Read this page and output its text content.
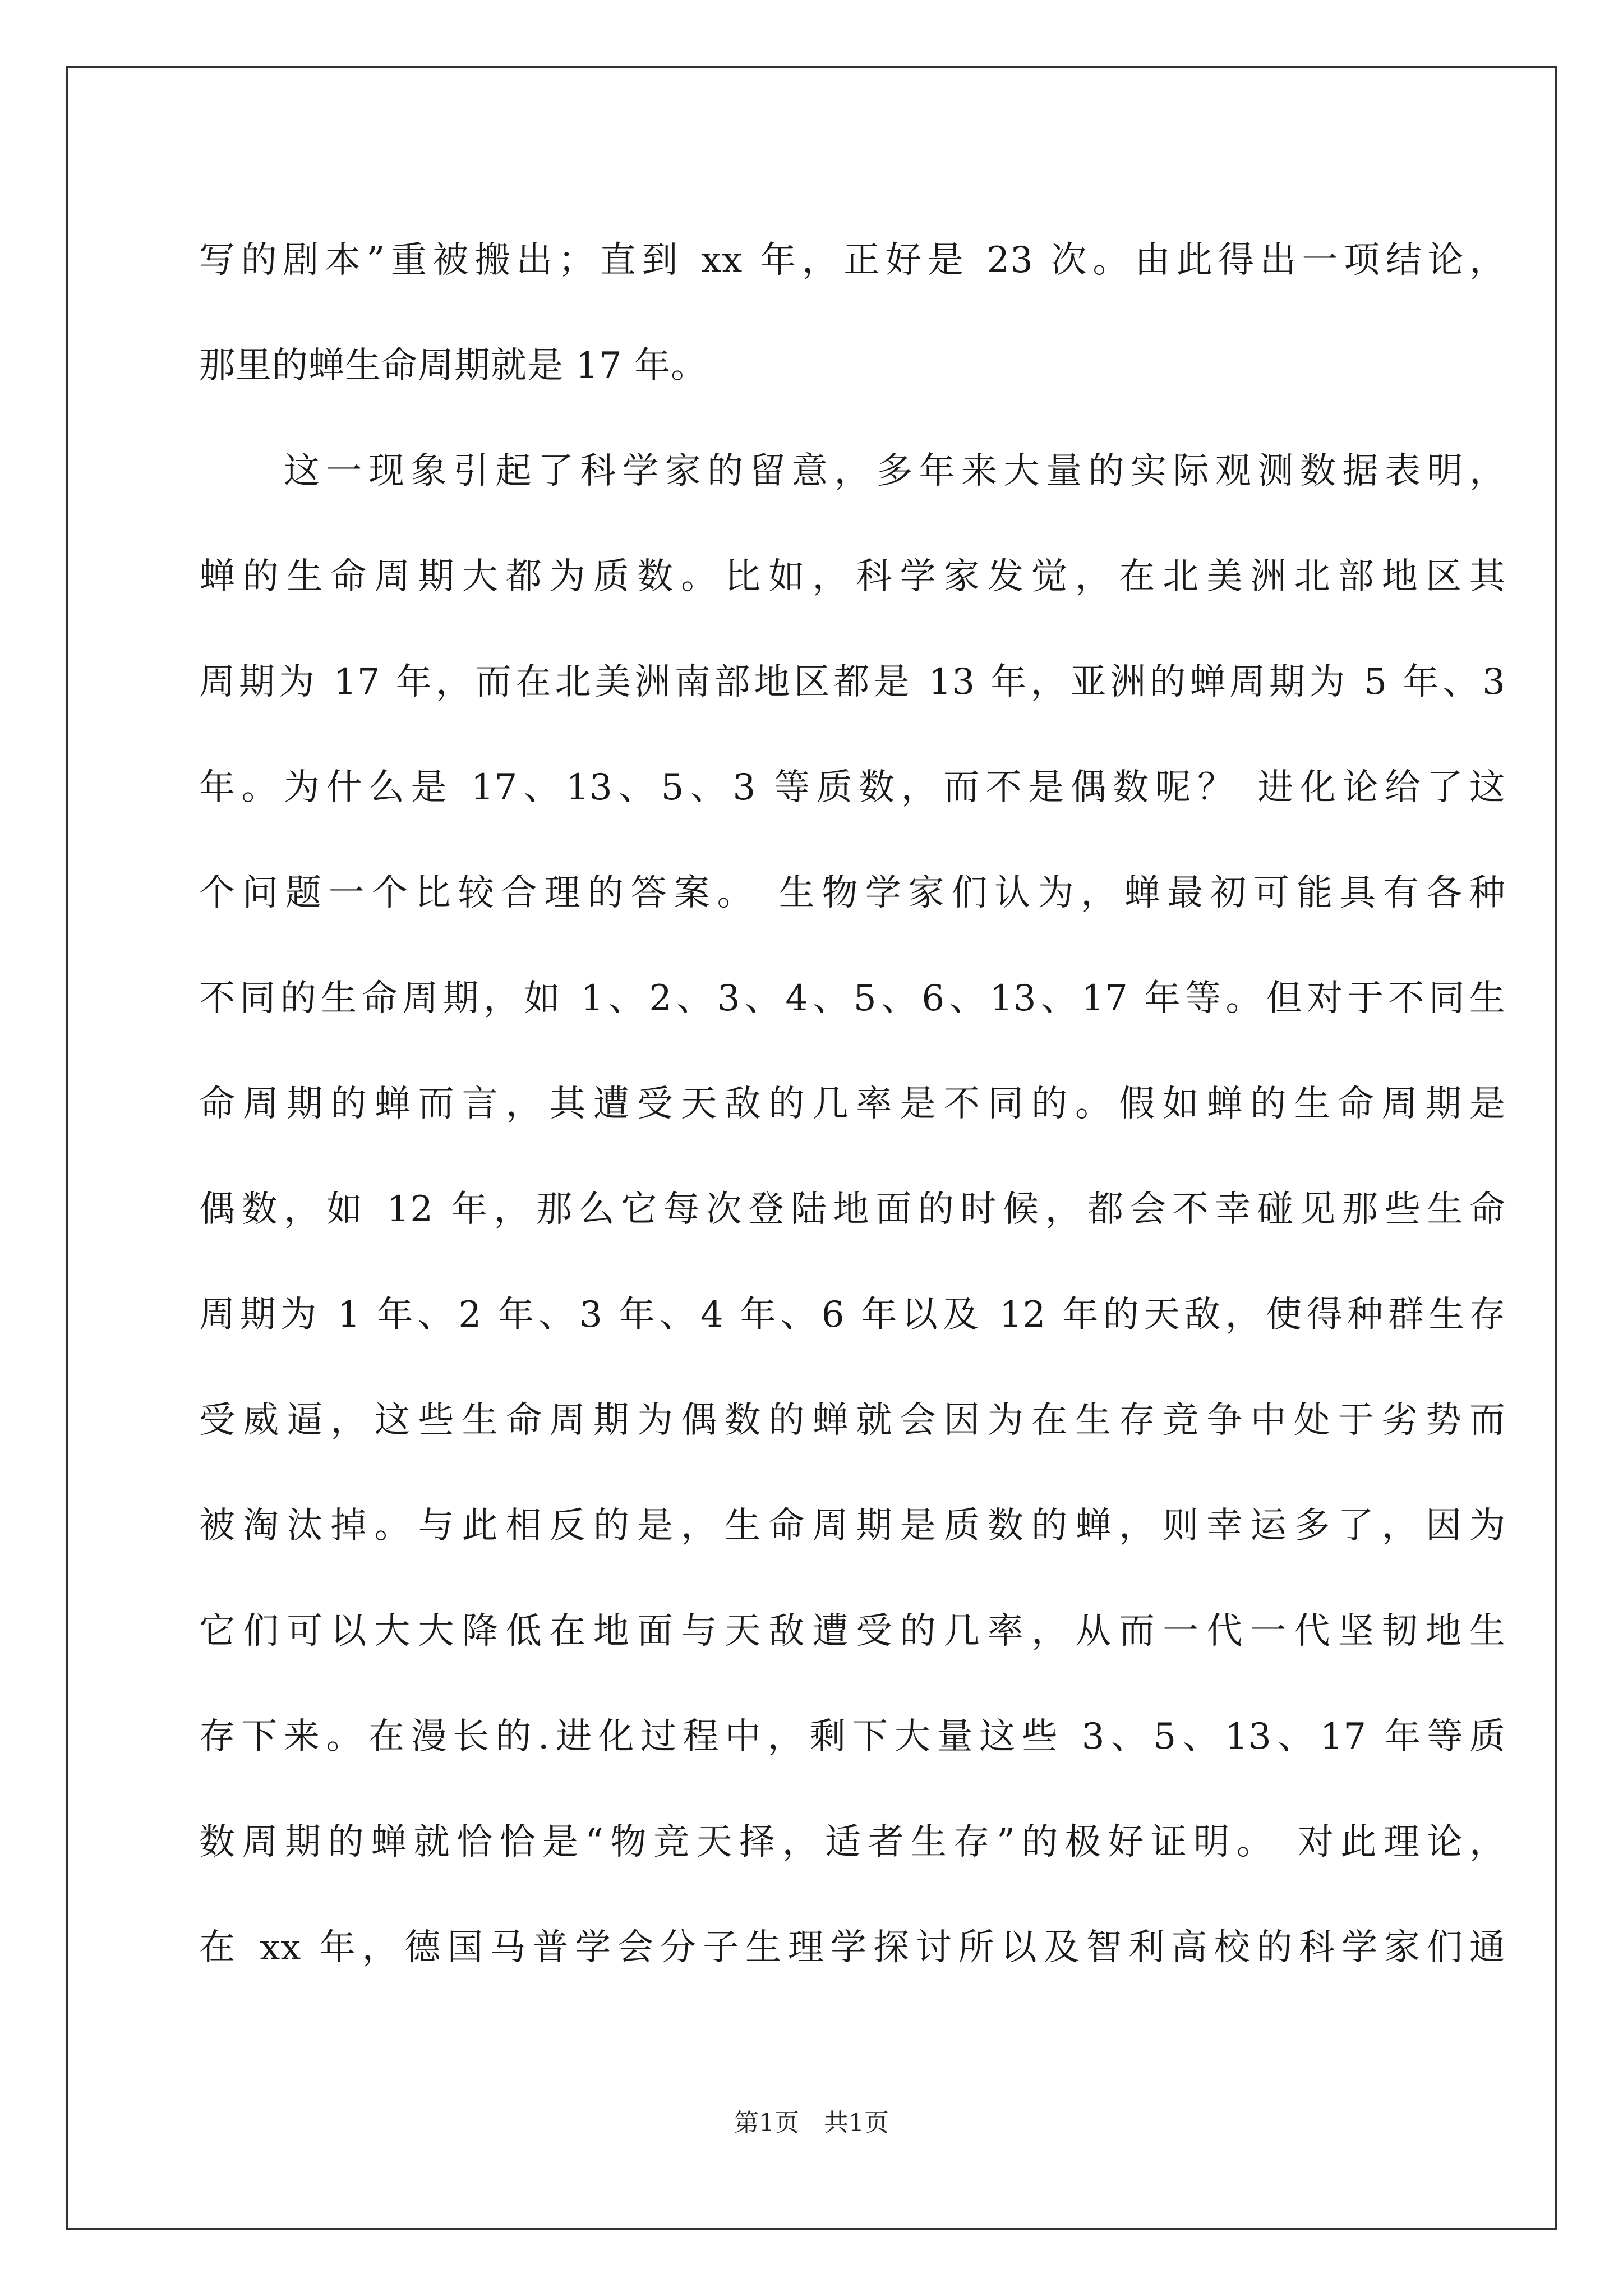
写的剧本”重被搬出；直到 xx 年，正好是 23 次。由此得出一项结论，
那里的蝉生命周期就是 17 年。
　　这一现象引起了科学家的留意，多年来大量的实际观测数据表明，
蝉的生命周期大都为质数。比如，科学家发觉，在北美洲北部地区其
周期为 17 年，而在北美洲南部地区都是 13 年，亚洲的蝉周期为 5 年、3
年。为什么是 17、13、5、3 等质数，而不是偶数呢？ 进化论给了这
个问题一个比较合理的答案。 生物学家们认为，蝉最初可能具有各种
不同的生命周期，如 1、2、3、4、5、6、13、17 年等。但对于不同生
命周期的蝉而言，其遭受天敌的几率是不同的。假如蝉的生命周期是
偶数，如 12 年，那么它每次登陆地面的时候，都会不幸碰见那些生命
周期为 1 年、2 年、3 年、4 年、6 年以及 12 年的天敌，使得种群生存
受威逼，这些生命周期为偶数的蝉就会因为在生存竞争中处于劣势而
被淘汰掉。与此相反的是，生命周期是质数的蝉，则幸运多了，因为
它们可以大大降低在地面与天敌遭受的几率，从而一代一代坚韧地生
存下来。在漫长的.进化过程中，剩下大量这些 3、5、13、17 年等质
数周期的蝉就恰恰是“物竞天择，适者生存”的极好证明。 对此理论，
在 xx 年，德国马普学会分子生理学探讨所以及智利高校的科学家们通
第1页　共1页
